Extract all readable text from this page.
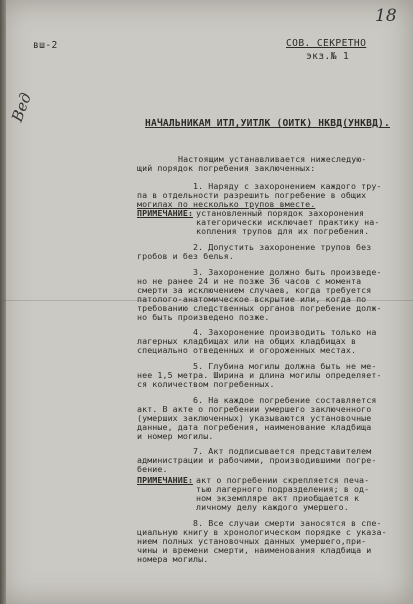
18
вш-2	СОВ. СЕКРЕТНО
экз.№ 1
Вед	НАЧАЛЬНИКАМ ИТЛ,УИТЛК (ОИТК) НКВД(УНКВД).
Настоящим устанавливается нижеследую-
щий порядок погребения заключенных:
1. Наряду с захоронением каждого тру-
па в отдельности разрешить погребение в общих
могилах по несколько трупов вместе.
ПРИМЕЧАНИЕ: установленный порядок захоронения
категорически исключает практику на-
копления трупов для их погребения.
2. Допустить захоронение трупов без
гробов и без белья.
3. Захоронение должно быть произведе-
но не ранее 24 и не позже 36 часов с момента
смерти за исключением случаев, когда требуется
патолого-анатомическое вскрытие или, когда по
требованию следственных органов погребение долж-
но быть произведено позже.
4. Захоронение производить только на
лагерных кладбищах или на общих кладбищах в
специально отведенных и огороженных местах.
5. Глубина могилы должна быть не ме-
нее 1,5 метра. Ширина и длина могилы определяет-
ся количеством погребенных.
6. На каждое погребение составляется
акт. В акте о погребении умершего заключенного
(умерших заключенных) указываются установочные
данные, дата погребения, наименование кладбища
и номер могилы.
7. Акт подписывается представителем
администрации и рабочими, производившими погре-
бение.
ПРИМЕЧАНИЕ: акт о погребении скрепляется печа-
тью лагерного подразделения; в од-
ном экземпляре акт приобщается к
личному делу каждого умершего.
8. Все случаи смерти заносятся в спе-
циальную книгу в хронологическом порядке с указа-
нием полных установочных данных умершего,при-
чины и времени смерти, наименования кладбища и
номера могилы.
